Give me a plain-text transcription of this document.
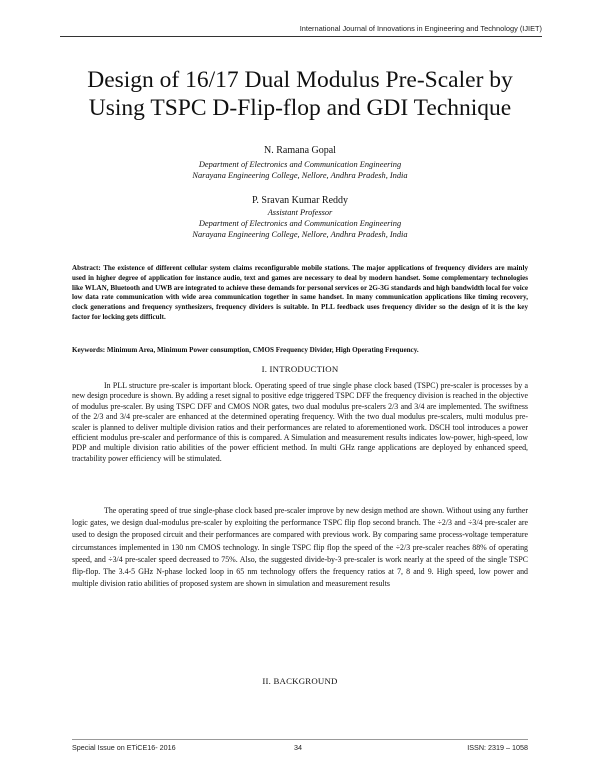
International Journal of Innovations in Engineering and Technology (IJIET)
Design of 16/17 Dual Modulus Pre-Scaler by
Using TSPC D-Flip-flop and GDI Technique
N. Ramana Gopal
Department of Electronics and Communication Engineering
Narayana Engineering College, Nellore, Andhra Pradesh, India
P. Sravan Kumar Reddy
Assistant Professor
Department of Electronics and Communication Engineering
Narayana Engineering College, Nellore, Andhra Pradesh, India
Abstract: The existence of different cellular system claims reconfigurable mobile stations. The major applications of frequency dividers are mainly used in higher degree of application for instance audio, text and games are necessary to deal by modern handset. Some complementary technologies like WLAN, Bluetooth and UWB are integrated to achieve these demands for personal services or 2G-3G standards and high bandwidth local for voice low data rate communication with wide area communication together in same handset. In many communication applications like timing recovery, clock generations and frequency synthesizers, frequency dividers is suitable. In PLL feedback uses frequency divider so the design of it is the key factor for locking gets difficult.
Keywords: Minimum Area, Minimum Power consumption, CMOS Frequency Divider, High Operating Frequency.
I. INTRODUCTION

In PLL structure pre-scaler is important block. Operating speed of true single phase clock based (TSPC) pre-scaler is processes by a new design procedure is shown. By adding a reset signal to positive edge triggered TSPC DFF the frequency division is reached in the objective of modulus pre-scaler. By using TSPC DFF and CMOS NOR gates, two dual modulus pre-scalers 2/3 and 3/4 are implemented. The swiftness of the 2/3 and 3/4 pre-scaler are enhanced at the determined operating frequency. With the two dual modulus pre-scalers, multi modulus pre-scaler is planned to deliver multiple division ratios and their performances are related to aforementioned work. DSCH tool introduces a power efficient modulus pre-scaler and performance of this is compared. A Simulation and measurement results indicates low-power, high-speed, low PDP and multiple division ratio abilities of the power efficient method. In multi GHz range applications are deployed by enhanced speed, tractability power efficiency will be stimulated.

The operating speed of true single-phase clock based pre-scaler improve by new design method are shown. Without using any further logic gates, we design dual-modulus pre-scaler by exploiting the performance TSPC flip flop second branch. The ÷2/3 and ÷3/4 pre-scaler are used to design the proposed circuit and their performances are compared with previous work. By comparing same process-voltage temperature circumstances implemented in 130 nm CMOS technology. In single TSPC flip flop the speed of the ÷2/3 pre-scaler reaches 88% of operating speed, and ÷3/4 pre-scaler speed decreased to 75%. Also, the suggested divide-by-3 pre-scaler is work nearly at the speed of the single TSPC flip-flop. The 3.4-5 GHz N-phase locked loop in 65 nm technology offers the frequency ratios at 7, 8 and 9. High speed, low power and multiple division ratio abilities of proposed system are shown in simulation and measurement results

II. BACKGROUND
Special Issue on ETiCE16- 2016	34	ISSN: 2319 – 1058
